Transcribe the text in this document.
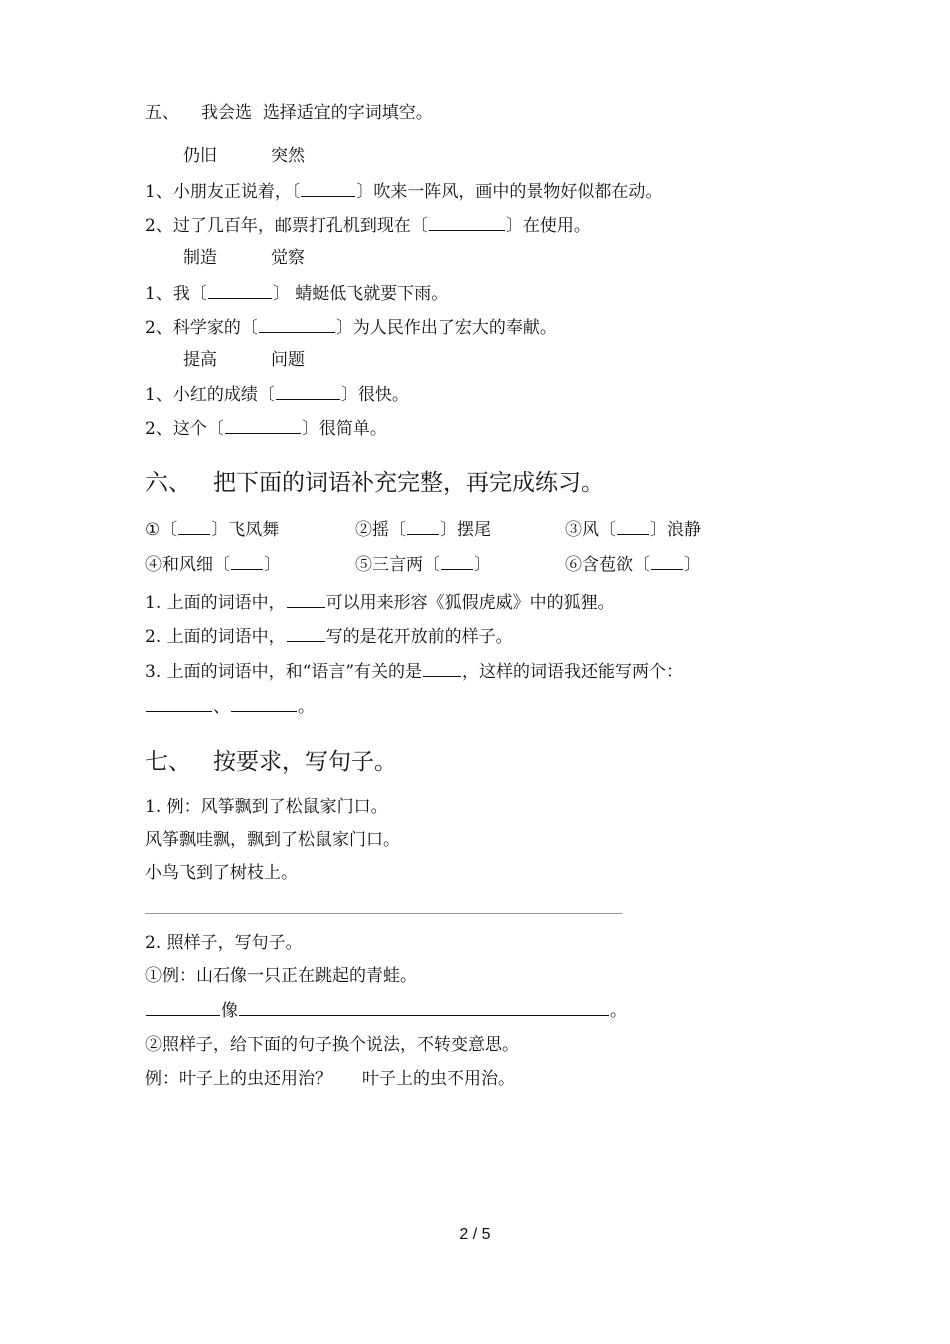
五、 我会选 选择适宜的字词填空。
仍旧	突然
1、小朋友正说着，〔	〕吹来一阵风，画中的景物好似都在动。
2、过了几百年，邮票打孔机到现在〔	〕在使用。
制造	觉察
1、我〔	〕 蜻蜓低飞就要下雨。
2、科学家的〔	〕为人民作出了宏大的奉献。
提高	问题
1、小红的成绩〔	〕很快。
2、这个〔	〕很简单。
六、 把下面的词语补充完整，再完成练习。
①〔 〕飞凤舞	②摇〔 〕摆尾	③风〔 〕浪静
④和风细〔 〕	⑤三言两〔 〕	⑥含苞欲〔 〕
1. 上面的词语中， 可以用来形容《狐假虎威》中的狐狸。
2. 上面的词语中， 写的是花开放前的样子。
3. 上面的词语中，和“语言”有关的是 ，这样的词语我还能写两个：
、	。
七、 按要求，写句子。
1. 例：风筝飘到了松鼠家门口。
风筝飘哇飘，飘到了松鼠家门口。
小鸟飞到了树枝上。
2. 照样子，写句子。
①例：山石像一只正在跳起的青蛙。
像	。
②照样子，给下面的句子换个说法，不转变意思。
例：叶子上的虫还用治？ 叶子上的虫不用治。
2 / 5
